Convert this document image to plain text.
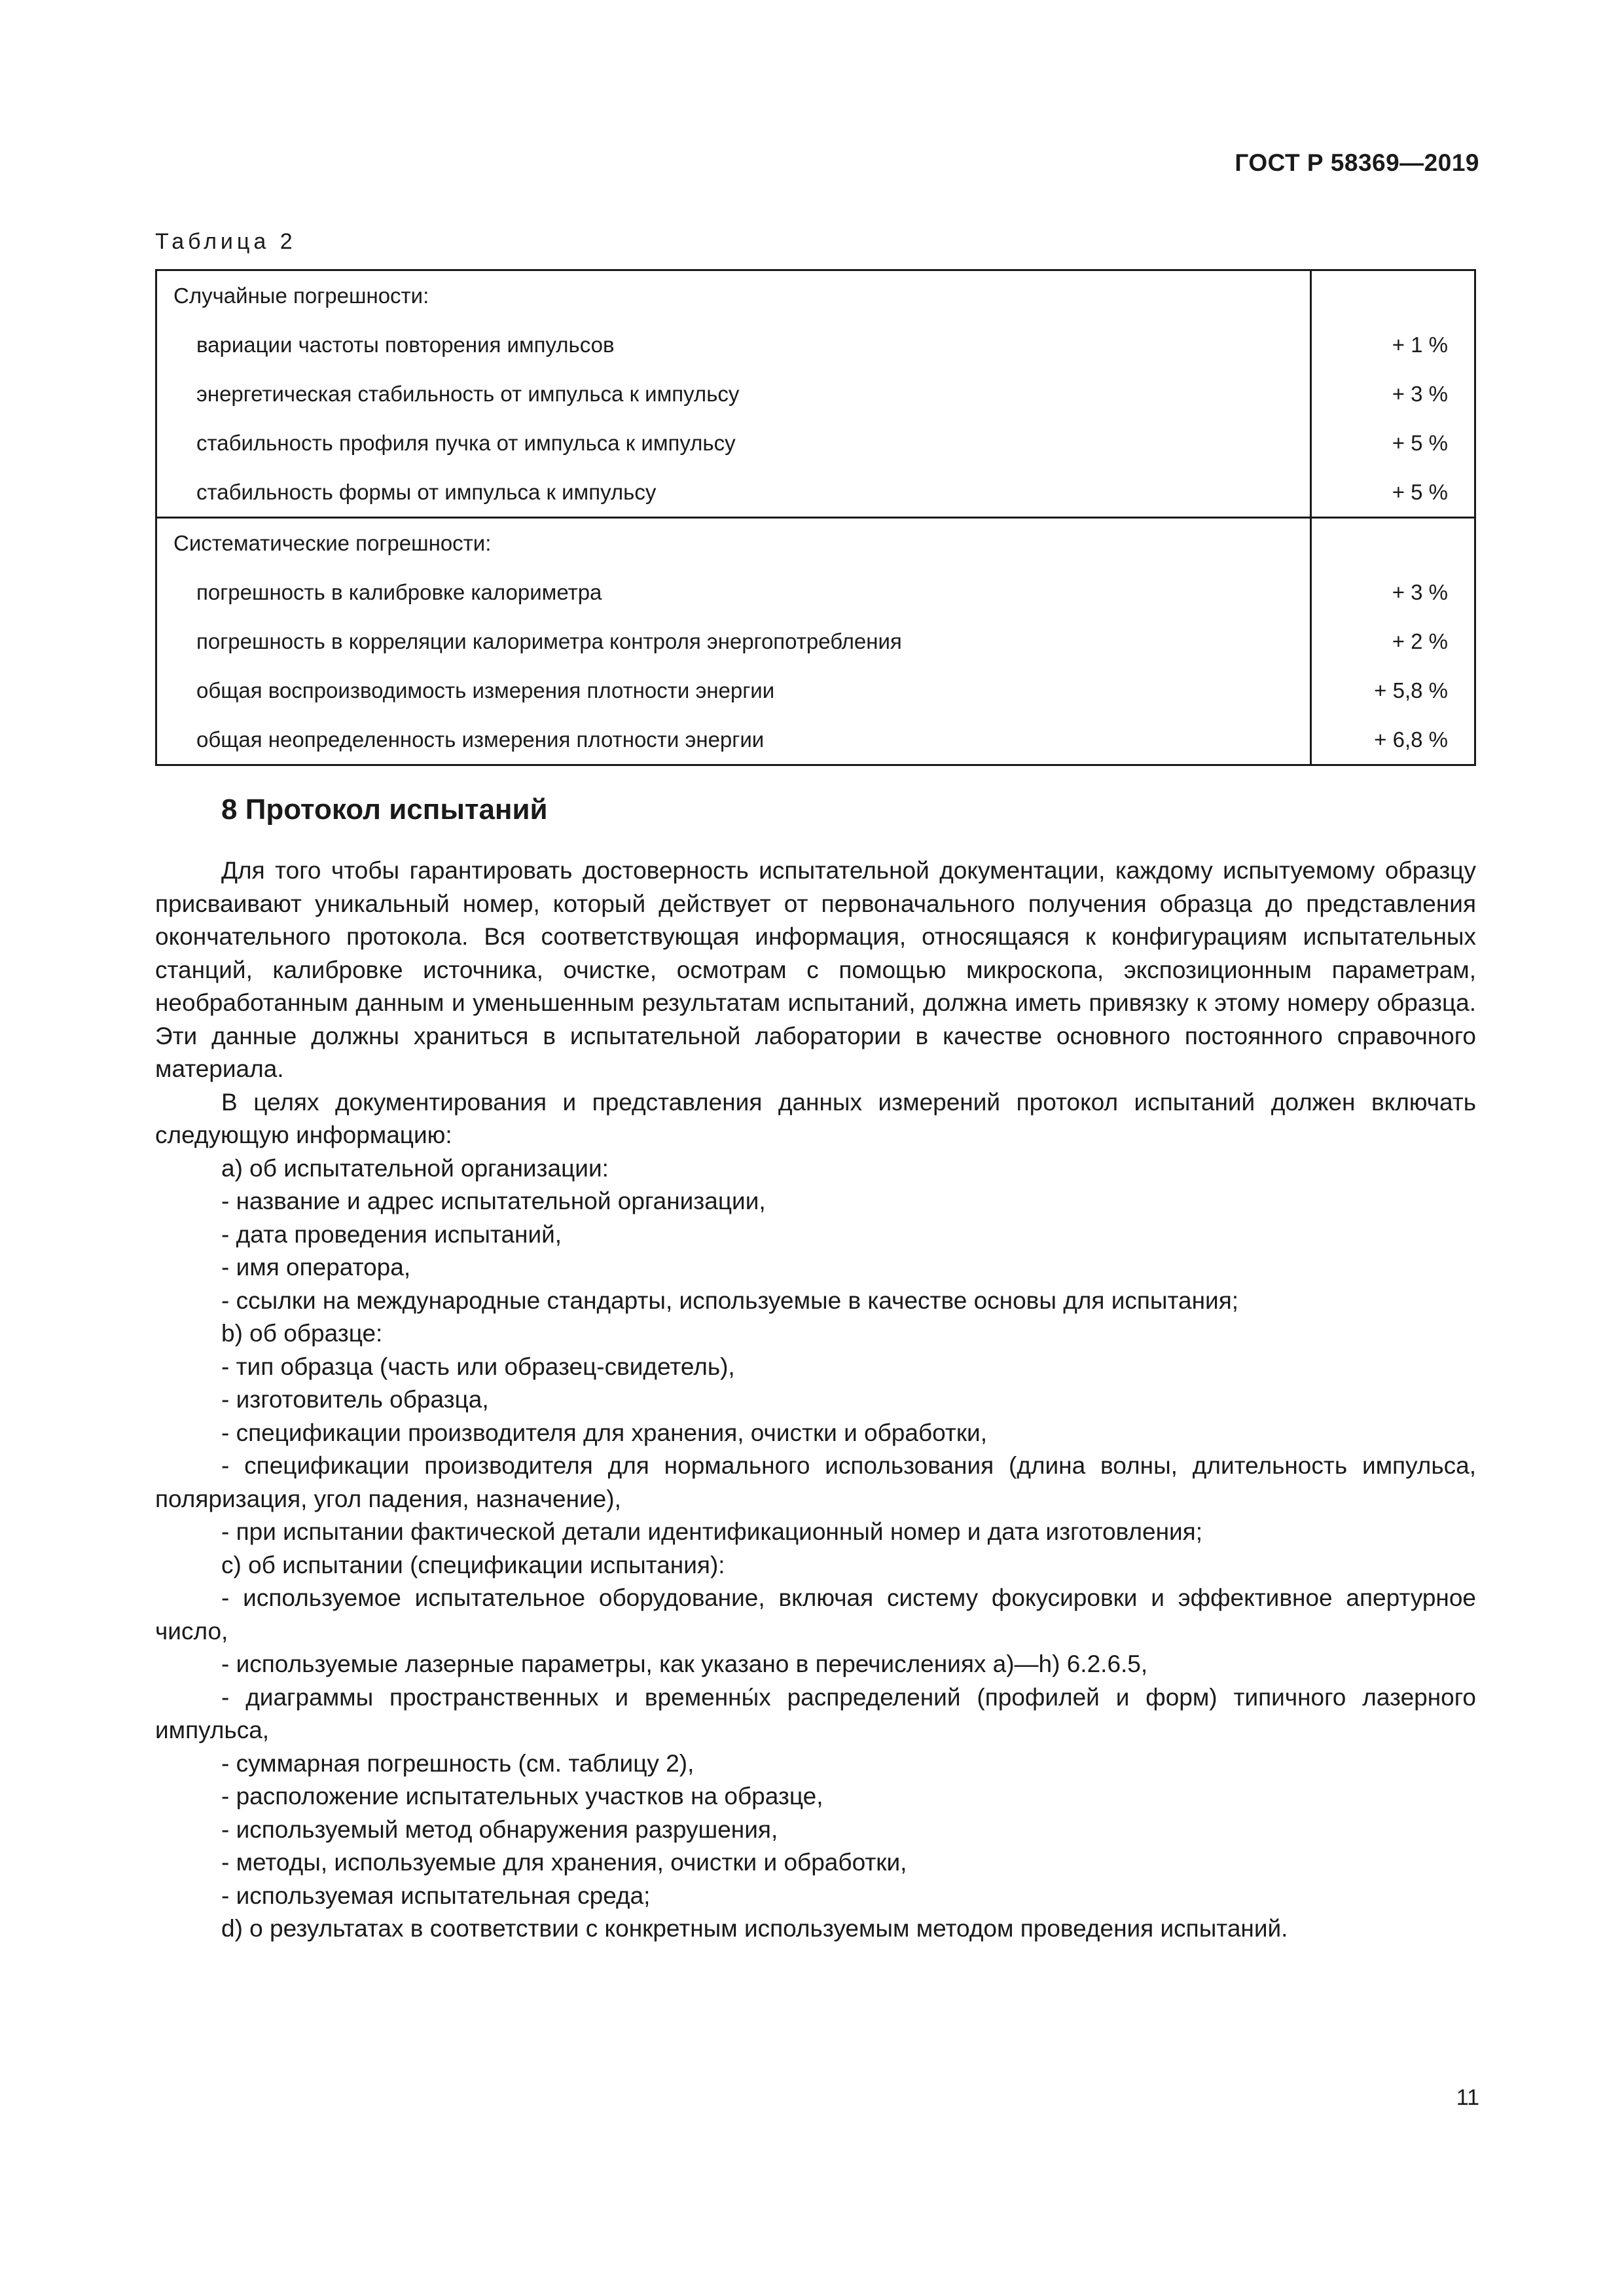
ГОСТ Р 58369—2019
Таблица 2
Случайные погрешности:	
вариации частоты повторения импульсов	+ 1 %
энергетическая стабильность от импульса к импульсу	+ 3 %
стабильность профиля пучка от импульса к импульсу	+ 5 %
стабильность формы от импульса к импульсу	+ 5 %
Систематические погрешности:	
погрешность в калибровке калориметра	+ 3 %
погрешность в корреляции калориметра контроля энергопотребления	+ 2 %
общая воспроизводимость измерения плотности энергии	+ 5,8 %
общая неопределенность измерения плотности энергии	+ 6,8 %
8 Протокол испытаний

Для того чтобы гарантировать достоверность испытательной документации, каждому испытуемому образцу присваивают уникальный номер, который действует от первоначального получения образца до представления окончательного протокола. Вся соответствующая информация, относящаяся к конфигурациям испытательных станций, калибровке источника, очистке, осмотрам с помощью микроскопа, экспозиционным параметрам, необработанным данным и уменьшенным результатам испытаний, должна иметь привязку к этому номеру образца. Эти данные должны храниться в испытательной лаборатории в качестве основного постоянного справочного материала.

В целях документирования и представления данных измерений протокол испытаний должен включать следующую информацию:

а) об испытательной организации:

- название и адрес испытательной организации,

- дата проведения испытаний,

- имя оператора,

- ссылки на международные стандарты, используемые в качестве основы для испытания;

b) об образце:

- тип образца (часть или образец-свидетель),

- изготовитель образца,

- спецификации производителя для хранения, очистки и обработки,

- спецификации производителя для нормального использования (длина волны, длительность импульса, поляризация, угол падения, назначение),

- при испытании фактической детали идентификационный номер и дата изготовления;

с) об испытании (спецификации испытания):

- используемое испытательное оборудование, включая систему фокусировки и эффективное апертурное число,

- используемые лазерные параметры, как указано в перечислениях а)—h) 6.2.6.5,

- диаграммы пространственных и временны́х распределений (профилей и форм) типичного лазерного импульса,

- суммарная погрешность (см. таблицу 2),

- расположение испытательных участков на образце,

- используемый метод обнаружения разрушения,

- методы, используемые для хранения, очистки и обработки,

- используемая испытательная среда;

d) о результатах в соответствии с конкретным используемым методом проведения испытаний.

11
